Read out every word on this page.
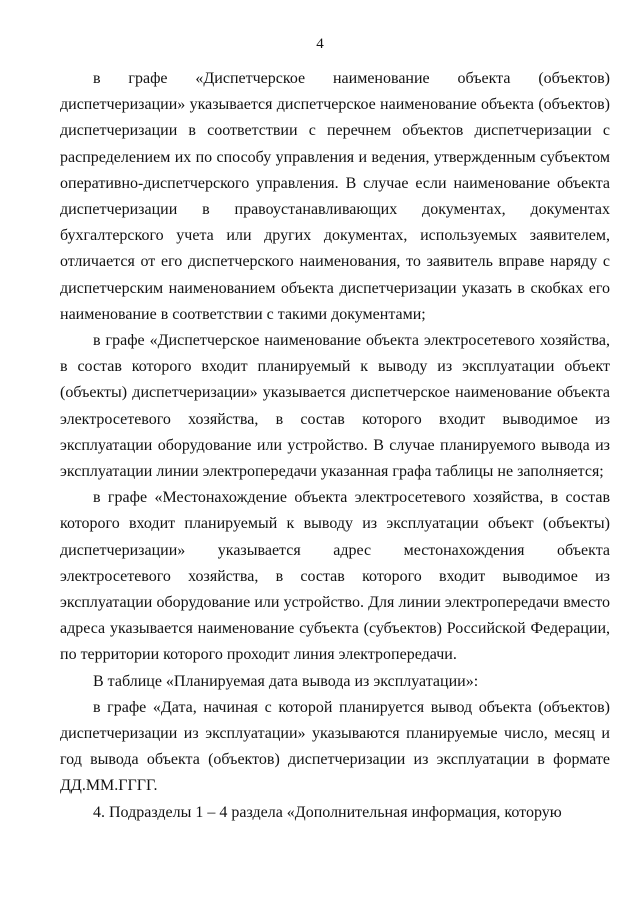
4

в графе «Диспетчерское наименование объекта (объектов) диспетчеризации» указывается диспетчерское наименование объекта (объектов) диспетчеризации в соответствии с перечнем объектов диспетчеризации с распределением их по способу управления и ведения, утвержденным субъектом оперативно-диспетчерского управления. В случае если наименование объекта диспетчеризации в правоустанавливающих документах, документах бухгалтерского учета или других документах, используемых заявителем, отличается от его диспетчерского наименования, то заявитель вправе наряду с диспетчерским наименованием объекта диспетчеризации указать в скобках его наименование в соответствии с такими документами;

в графе «Диспетчерское наименование объекта электросетевого хозяйства, в состав которого входит планируемый к выводу из эксплуатации объект (объекты) диспетчеризации» указывается диспетчерское наименование объекта электросетевого хозяйства, в состав которого входит выводимое из эксплуатации оборудование или устройство. В случае планируемого вывода из эксплуатации линии электропередачи указанная графа таблицы не заполняется;

в графе «Местонахождение объекта электросетевого хозяйства, в состав которого входит планируемый к выводу из эксплуатации объект (объекты) диспетчеризации» указывается адрес местонахождения объекта электросетевого хозяйства, в состав которого входит выводимое из эксплуатации оборудование или устройство. Для линии электропередачи вместо адреса указывается наименование субъекта (субъектов) Российской Федерации, по территории которого проходит линия электропередачи.

В таблице «Планируемая дата вывода из эксплуатации»:

в графе «Дата, начиная с которой планируется вывод объекта (объектов) диспетчеризации из эксплуатации» указываются планируемые число, месяц и год вывода объекта (объектов) диспетчеризации из эксплуатации в формате ДД.ММ.ГГГГ.

4. Подразделы 1 – 4 раздела «Дополнительная информация, которую
